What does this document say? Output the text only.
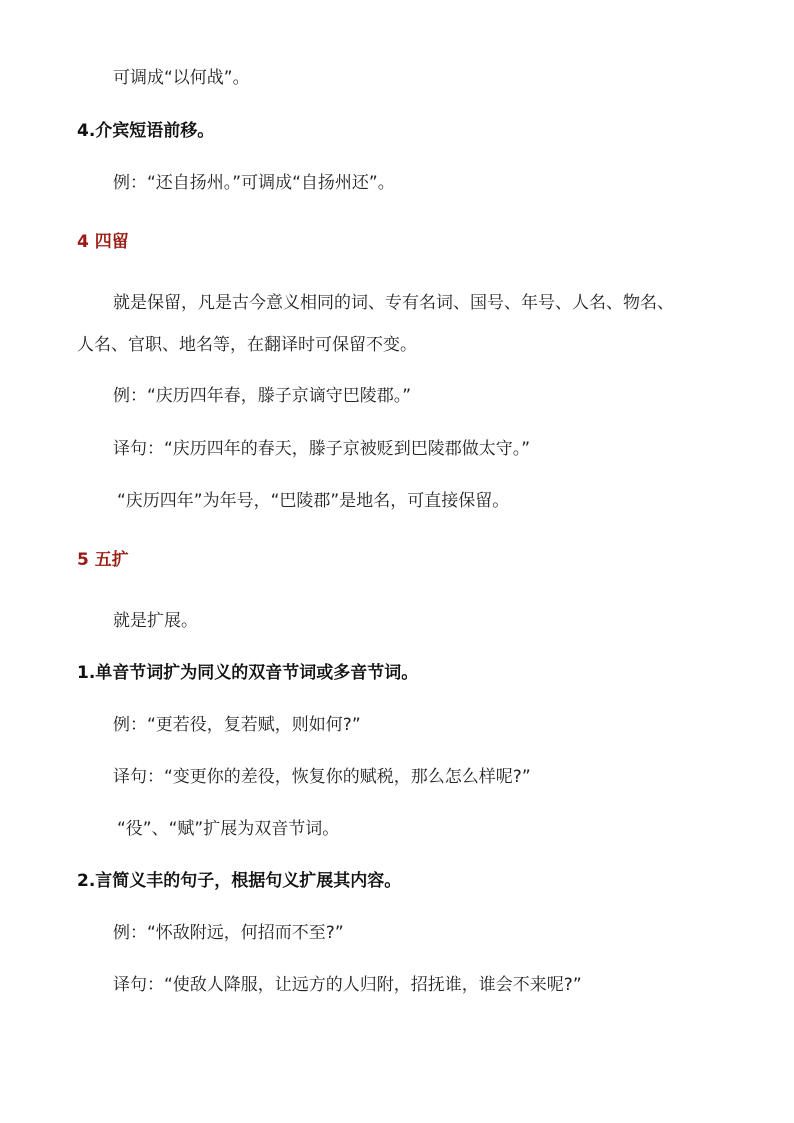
可调成“以何战”。
4.介宾短语前移。
例：“还自扬州。”可调成“自扬州还”。
4 四留
就是保留，凡是古今意义相同的词、专有名词、国号、年号、人名、物名、
人名、官职、地名等，在翻译时可保留不变。
例：“庆历四年春，滕子京谪守巴陵郡。”
译句：“庆历四年的春天，滕子京被贬到巴陵郡做太守。”
“庆历四年”为年号，“巴陵郡”是地名，可直接保留。
5 五扩
就是扩展。
1.单音节词扩为同义的双音节词或多音节词。
例：“更若役，复若赋，则如何?”
译句：“变更你的差役，恢复你的赋税，那么怎么样呢?”
“役”、“赋”扩展为双音节词。
2.言简义丰的句子，根据句义扩展其内容。
例：“怀敌附远，何招而不至?”
译句：“使敌人降服，让远方的人归附，招抚谁，谁会不来呢?”
